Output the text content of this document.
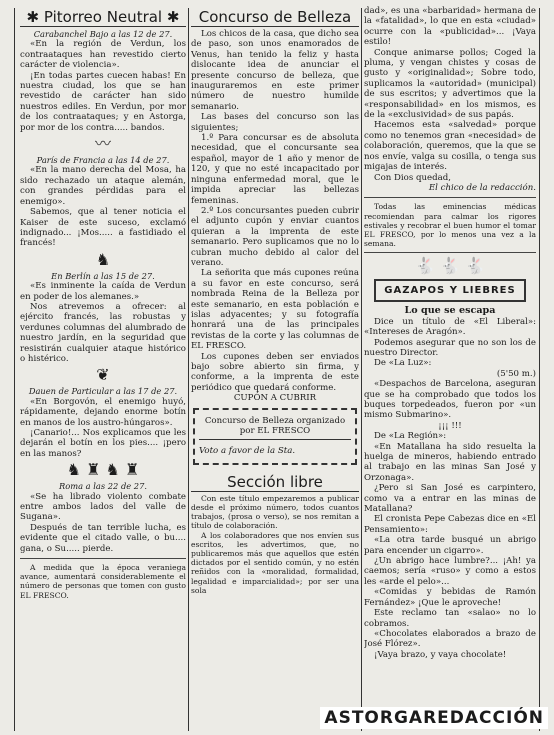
✱ Pitorreo Neutral ✱

Carabanchel Bajo a las 12 de 27.

«En la región de Verdun, los contraataques han revestido cierto carácter de violencia».

¡En todas partes cuecen habas! En nuestra ciudad, los que se han revestido de carácter han sido nuestros ediles. En Verdun, por mor de los contraataques; y en Astorga, por mor de los contra..... bandos.

〰

París de Francia a las 14 de 27.

«En la mano derecha del Mosa, ha sido rechazado un ataque alemán, con grandes pérdidas para el enemigo».

Sabemos, que al tener noticia el Kaiser de este suceso, exclamó indignado... ¡Mos..... a fastidiado el francés!

♞

En Berlín a las 15 de 27.

«Es inminente la caída de Verdun en poder de los alemanes.»

Nos atrevemos a ofrecer: al ejército francés, las robustas y verdunes columnas del alumbrado de nuestro jardín, en la seguridad que resistirán cualquier ataque histórico o histérico.

❦

Dauen de Particular a las 17 de 27.

«En Borgovón, el enemigo huyó, rápidamente, dejando enorme botín en manos de los austro-húngaros».

¡Canario!... Nos explicamos que les dejarán el botín en los pies.... ¡pero en las manos?

♞ ♜ ♞ ♜

Roma a las 22 de 27.

«Se ha librado violento combate entre ambos lados del valle de Sugana».

Después de tan terrible lucha, es evidente que el citado valle, o bu.... gana, o Su..... pierde.

A medida que la época veraniega avance, aumentará considerablemente el número de personas que tomen con gusto EL FRESCO.

Concurso de Belleza

Los chicos de la casa, que dicho sea de paso, son unos enamorados de Venus, han tenido la feliz y hasta dislocante idea de anunciar el presente concurso de belleza, que inauguraremos en este primer número de nuestro humilde semanario.

Las bases del concurso son las siguientes;

1.º Para concursar es de absoluta necesidad, que el concursante sea español, mayor de 1 año y menor de 120, y que no esté incapacitado por ninguna enfermedad moral, que le impida apreciar las bellezas femeninas.

2.º Los concursantes pueden cubrir el adjunto cupón y enviar cuantos quieran a la imprenta de este semanario. Pero suplicamos que no lo cubran mucho debido al calor del verano.

La señorita que más cupones reúna a su favor en este concurso, será nombrada Reina de la Belleza por este semanario, en esta población e islas adyacentes; y su fotografía honrará una de las principales revistas de la corte y las columnas de EL FRESCO.

Los cupones deben ser enviados bajo sobre abierto sin firma, y conforme, a la imprenta de este periódico que quedará conforme.

CUPÓN A CUBRIR

Concurso de Belleza organizado por EL FRESCO

Voto a favor de la Sta.

Sección libre

Con este título empezaremos a publicar desde el próximo número, todos cuantos trabajos, (prosa o verso), se nos remitan a título de colaboración.

A los colaboradores que nos envíen sus escritos, les advertimos, que, no publicaremos más que aquellos que estén dictados por el sentido común, y no estén reñidos con la «moralidad, formalidad, legalidad e imparcialidad»; por ser una sola

dad», es una «barbaridad» hermana de la «fatalidad», lo que en esta «ciudad» ocurre con la «publicidad»... ¡Vaya estilo!

Conque animarse pollos; Coged la pluma, y vengan chistes y cosas de gusto y «originalidad»; Sobre todo, suplicamos la «autoridad» (municipal) de sus escritos; y advertimos que la «responsabilidad» en los mismos, es de la «exclusividad» de sus papás.

Hacemos esta «salvedad» porque como no tenemos gran «necesidad» de colaboración, queremos, que la que se nos envíe, valga su cosilla, o tenga sus migajas de interés.

Con Dios quedad,

El chico de la redacción.

Todas las eminencias médicas recomiendan para calmar los rigores estivales y recobrar el buen humor el tomar EL FRESCO, por lo menos una vez a la semana.

🐇 🐇 🐇
GAZAPOS Y LIEBRES

Lo que se escapa

Dice un título de «El Liberal»: «Intereses de Aragón».

Podemos asegurar que no son los de nuestro Director.

De «La Luz»:

(5'50 m.)

«Despachos de Barcelona, aseguran que se ha comprobado que todos los buques torpedeados, fueron por «un mismo Submarino».

¡¡¡ !!!

De «La Región»:

«En Matallana ha sido resuelta la huelga de mineros, habiendo entrado al trabajo en las minas San José y Orzonaga».

¿Pero si San José es carpintero, como va a entrar en las minas de Matallana?

El cronista Pepe Cabezas dice en «El Pensamiento»:

«La otra tarde busqué un abrigo para encender un cigarro».

¿Un abrigo hace lumbre?... ¡Ah! ya caemos; sería «ruso» y como a estos les «arde el pelo»...

«Comidas y bebidas de Ramón Fernández» ¡Que le aproveche!

Este reclamo tan «salao» no lo cobramos.

«Chocolates elaborados a brazo de José Flórez».

¡Vaya brazo, y vaya chocolate!

ASTORGAREDACCIÓN
